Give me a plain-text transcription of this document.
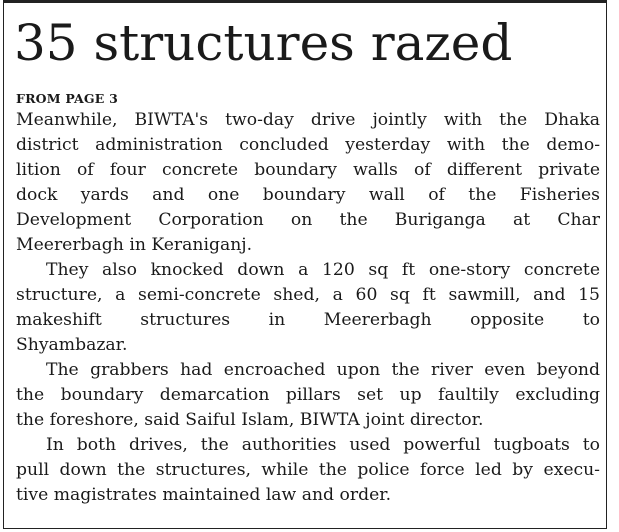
35 structures razed
FROM PAGE 3
Meanwhile, BIWTA's two-day drive jointly with the Dhaka
district administration concluded yesterday with the demo-
lition of four concrete boundary walls of different private
dock yards and one boundary wall of the Fisheries
Development Corporation on the Buriganga at Char
Meererbagh in Keraniganj.
They also knocked down a 120 sq ft one-story concrete
structure, a semi-concrete shed, a 60 sq ft sawmill, and 15
makeshift structures in Meererbagh opposite to
Shyambazar.
The grabbers had encroached upon the river even beyond
the boundary demarcation pillars set up faultily excluding
the foreshore, said Saiful Islam, BIWTA joint director.
In both drives, the authorities used powerful tugboats to
pull down the structures, while the police force led by execu-
tive magistrates maintained law and order.
